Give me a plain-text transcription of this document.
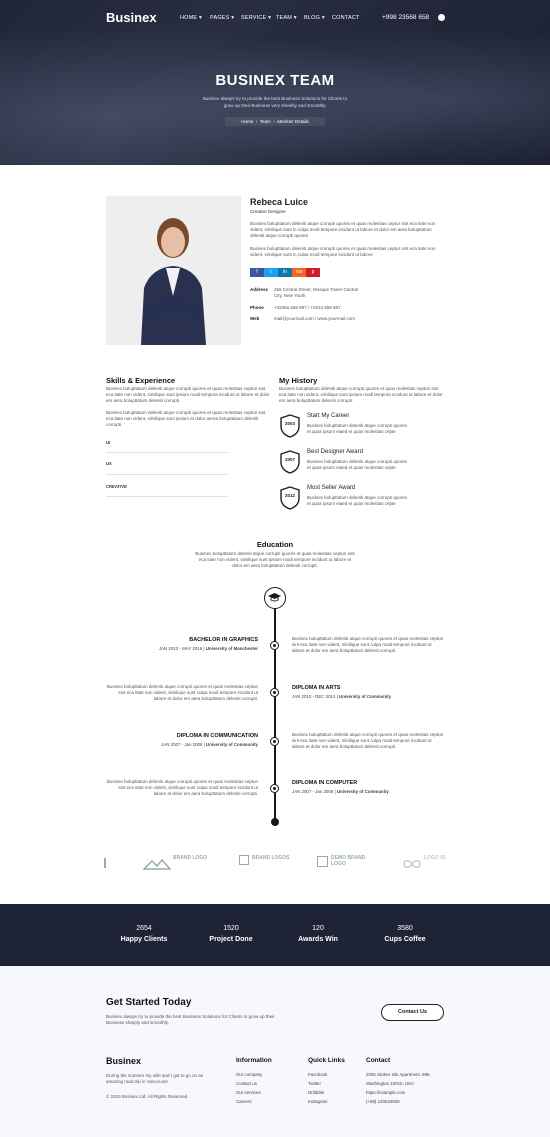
Businex	HOME ▾ PAGES ▾ SERVICE ▾ TEAM ▾ BLOG ▾ CONTACT	+998 23568 658
BUSINEX TEAM
Businex always try to provide the best Business Solutions for Clinets to grow up their Business very sheshly and smoothly.
Home  ›  Team  ›  Member Details
Rebeca Luice
Creative Designer
Businex bolupttatum deleniti atque corrupti quores et quas molestias ceptur sint eca itate non vident, similique sunt in culpa modi tempore incidunt ut labore et dolor em aera bolupttatum deleniti atque corrupti quores
Businex bolupttatum deleniti atque corrupti quores et quas molestias ceptur sint eca itate non vident, similique sunt in culpa modi tempore incidunt ut labore
f	t	in	rss	p
Address 256 Central Street, Mosque Tower Central City, New Yourk
Phone +0235a 658 987 / +0234 568 987
Web	mail@yourmail.com / www.yourmail.com
Skills & Experience
Businex bolupttatum deleniti atque corrupti quores et quas molestias ceptun sint eca itate non vident, similique sunt ipsium modi tempora incidunt ut labore et dolor em aera bolupttatum deleniti corrupti.
Businex bolupttatum deleniti atque corrupti quores et quas molestias ceptun sint eca itate non vident, similique sunt ipsium et dolor aerea bolupttatum deleniti corrupti.
UI
UX
CREATIVE
My History
Businex bolupttatum deleniti atque corrupti quores et quas molestias ceptun sint eca itate non vident, similique sunt ipsium modi tempora incidunt ut labore et dolor em aera bolupttatum deleniti corrupti.
2003
Start My Career
Businex bolupttatum deleniti atque corrupti quores et quas ipsum eiaed et quas molestias cepte
2007
Best Designer Award
Businex bolupttatum deleniti atque corrupti quores et quas ipsum eiaed et quas molestias cepte
2012
Most Seller Award
Businex bolupttatum deleniti atque corrupti quores et quas ipsum eiaed et quas molestias cepte
Education
Businex bolupttatum deleniti atque corrupti quores et quas molestias ceptun sint eca itate non vident, similique sunt ipsium modi tempore incidunt ut labore et dolor em aera bolupttatum deleniti corrupti.
BACHELOR IN GRAPHICS
JAN 2013 - MAY 2016 | University of Manchester
Businex bolupttatum deleniti atque corrupti quores et quas molestias ceptun sint eca itate non vident, similique sunt culpa modi tempore incidunt ut labore et dolor em aera bolupttatum deleniti corrupti.
Businex bolupttatum deleniti atque corrupti quores et quas molestias ceptun sint eca itate non vident, similique sunt culpa modi tempore incidunt ut labore et dolor em aera bolupttatum deleniti corrupti.
DIPLOMA IN ARTS
JAN 2010 - DEC 2012 | University of Community
DIPLOMA IN COMMUNICATION
JAN 2007 - Jan 2008 | University of Community
Businex bolupttatum deleniti atque corrupti quores et quas molestias ceptun sint eca itate non vident, similique sunt culpa modi tempore incidunt ut labore et dolor em aera bolupttatum deleniti corrupti.
Businex bolupttatum deleniti atque corrupti quores et quas molestias ceptun sint eca itate non vident, similique sunt culpa modi tempore incidunt ut labore et dolor em aera bolupttatum deleniti corrupti.
DIPLOMA IN COMPUTER
JAN 2007 - Jan 2008 | University of Community
BRAND LOGO	BRAND LOGOS	DEMO BRAND LOGO
LOGO 00
2654
Happy Clients
1520
Project Done
120
Awards Win
3580
Cups Coffee
Get Started Today
Businex always try to provide the best Business Solutions for Clinets to grow up their Business sharply and smoothly.
Contact Us
Businex
During the summer my wife and I got to go on an amazing road trip in Vancouver.
© 2019 Businex Ltd. All Rights Reserved.
Information
Our company
Contact us
Our services
Careers
Quick Links
Facebook
Twitter
Dribbble
Instagram
Contact
2005 Stokes Isle Apartment. 896,
Washington 10010, USA
https://example.com
(+68) 120034509
